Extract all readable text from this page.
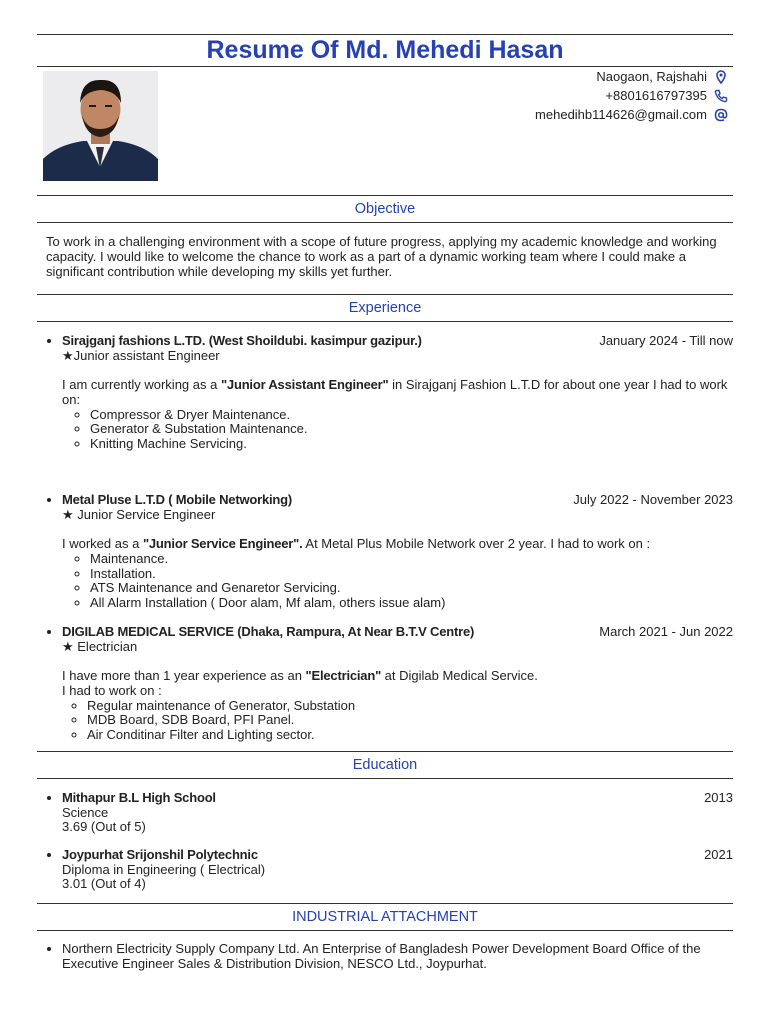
Resume Of Md. Mehedi Hasan
Naogaon, Rajshahi
+8801616797395
mehedihb114626@gmail.com
Objective
To work in a challenging environment with a scope of future progress, applying my academic knowledge and working capacity. I would like to welcome the chance to work as a part of a dynamic working team where I could make a significant contribution while developing my skills yet further.
Experience
• Sirajganj fashions L.TD. (West Shoildubi. kasimpur gazipur.)	January 2024 - Till now
★Junior assistant Engineer
I am currently working as a "Junior Assistant Engineer" in Sirajganj Fashion L.T.D for about one year I had to work on:
◦ Compressor & Dryer Maintenance.
◦ Generator & Substation Maintenance.
◦ Knitting Machine Servicing.
• Metal Pluse L.T.D ( Mobile Networking)	July 2022 - November 2023
★ Junior Service Engineer
I worked as a "Junior Service Engineer". At Metal Plus Mobile Network over 2 year. I had to work on :
◦ Maintenance.
◦ Installation.
◦ ATS Maintenance and Genaretor Servicing.
◦ All Alarm Installation ( Door alam, Mf alam, others issue alam)
• DIGILAB MEDICAL SERVICE (Dhaka, Rampura, At Near B.T.V Centre)	March 2021 - Jun 2022
★ Electrician
I have more than 1 year experience as an "Electrician" at Digilab Medical Service.
I had to work on :
◦ Regular maintenance of Generator, Substation
◦ MDB Board, SDB Board, PFI Panel.
◦ Air Conditinar Filter and Lighting sector.
Education
• Mithapur B.L High School	2013
Science
3.69 (Out of 5)
• Joypurhat Srijonshil Polytechnic	2021
Diploma in Engineering ( Electrical)
3.01 (Out of 4)
INDUSTRIAL ATTACHMENT
• Northern Electricity Supply Company Ltd. An Enterprise of Bangladesh Power Development Board Office of the Executive Engineer Sales & Distribution Division, NESCO Ltd., Joypurhat.
